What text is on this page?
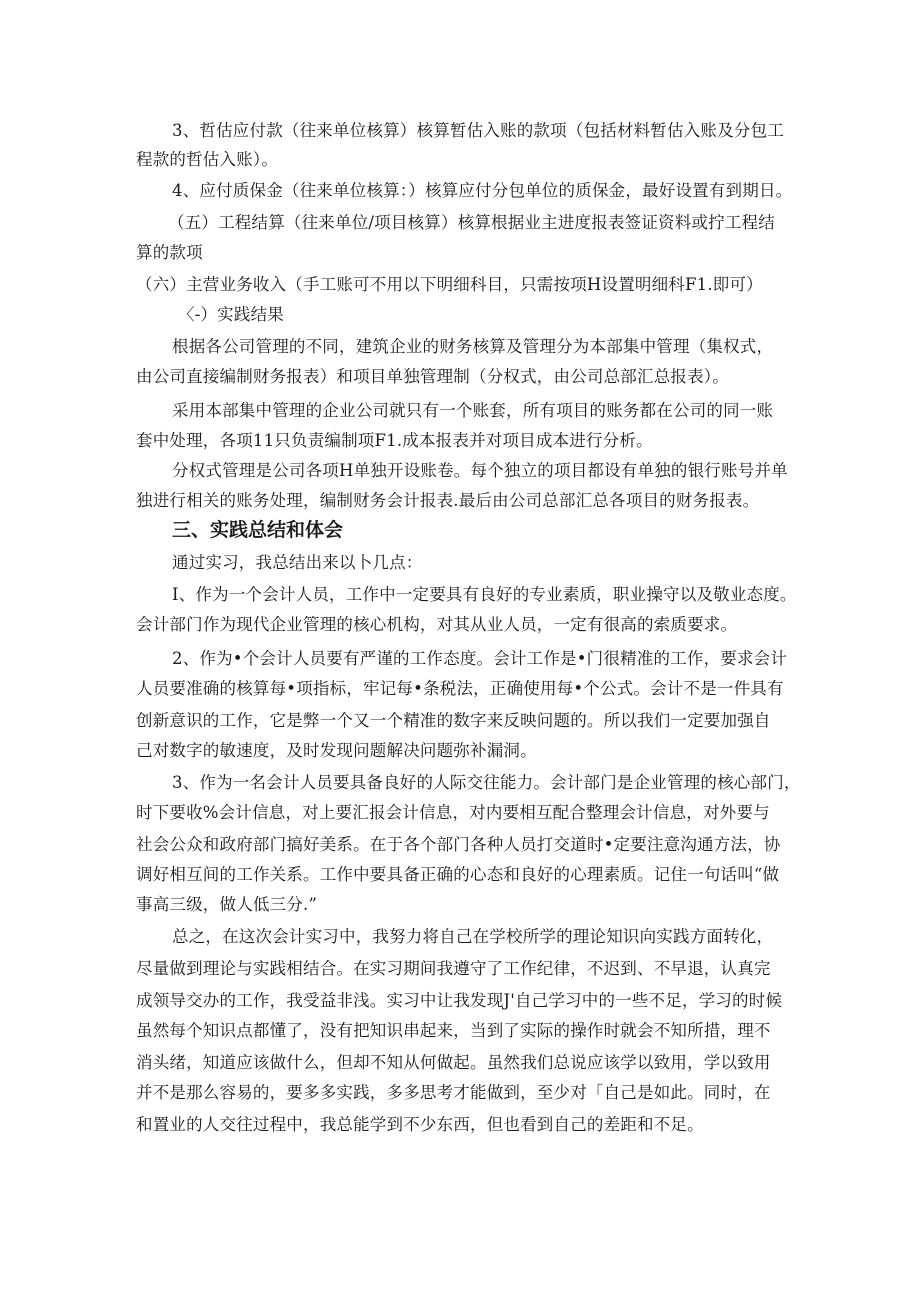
3、哲估应付款（往来单位核算）核算暂估入账的款项（包括材料暂估入账及分包工

程款的哲估入账）。

4、应付质保金（往来单位核算：）核算应付分包单位的质保金，最好设置有到期日。

（五）工程结算（往来单位/项目核算）核算根据业主进度报表签证资料或拧工程结

算的款项

（六）主营业务收入（手工账可不用以下明细科目，只需按项H设置明细科F1.即可）

〈-）实践结果

根据各公司管理的不同，建筑企业的财务核算及管理分为本部集中管理（集权式，

由公司直接编制财务报表）和项目单独管理制（分权式，由公司总部汇总报表）。

采用本部集中管理的企业公司就只有一个账套，所有项目的账务都在公司的同一账

套中处理，各项11只负责编制项F1.成本报表并对项目成本进行分析。

分权式管理是公司各项H单独开设账卷。每个独立的项目都设有单独的银行账号并单

独进行相关的账务处理，编制财务会计报表.最后由公司总部汇总各项目的财务报表。

三、实践总结和体会

通过实习，我总结出来以卜几点：

I、作为一个会计人员，工作中一定要具有良好的专业素质，职业操守以及敬业态度。

会计部门作为现代企业管理的核心机构，对其从业人员，一定有很高的索质要求。

2、作为•个会计人员要有严谨的工作态度。会计工作是•门很精准的工作，要求会计

人员要准确的核算每•项指标，牢记每•条税法，正确使用每•个公式。会计不是一件具有

创新意识的工作，它是弊一个又一个精准的数字来反映问题的。所以我们一定要加强自

己对数字的敏速度，及时发现问题解决问题弥补漏洞。

3、作为一名会计人员要具备良好的人际交往能力。会计部门是企业管理的核心部门，

时下要收%会计信息，对上要汇报会计信息，对内要相互配合整理会计信息，对外要与

社会公众和政府部门搞好美系。在于各个部门各种人员打交道时•定要注意沟通方法，协

调好相互间的工作关系。工作中要具备正确的心态和良好的心理素质。记住一句话叫“做

事高三级，做人低三分.”

总之，在这次会计实习中，我努力将自己在学校所学的理论知识向实践方面转化，

尽量做到理论与实践相结合。在实习期间我遵守了工作纪律，不迟到、不早退，认真完

成领导交办的工作，我受益非浅。实习中让我发现J'自己学习中的一些不足，学习的时候

虽然每个知识点都懂了，没有把知识串起来，当到了实际的操作时就会不知所措，理不

消头绪，知道应该做什么，但却不知从何做起。虽然我们总说应该学以致用，学以致用

并不是那么容易的，要多多实践，多多思考才能做到，至少对「自己是如此。同时，在

和置业的人交往过程中，我总能学到不少东西，但也看到自己的差距和不足。
